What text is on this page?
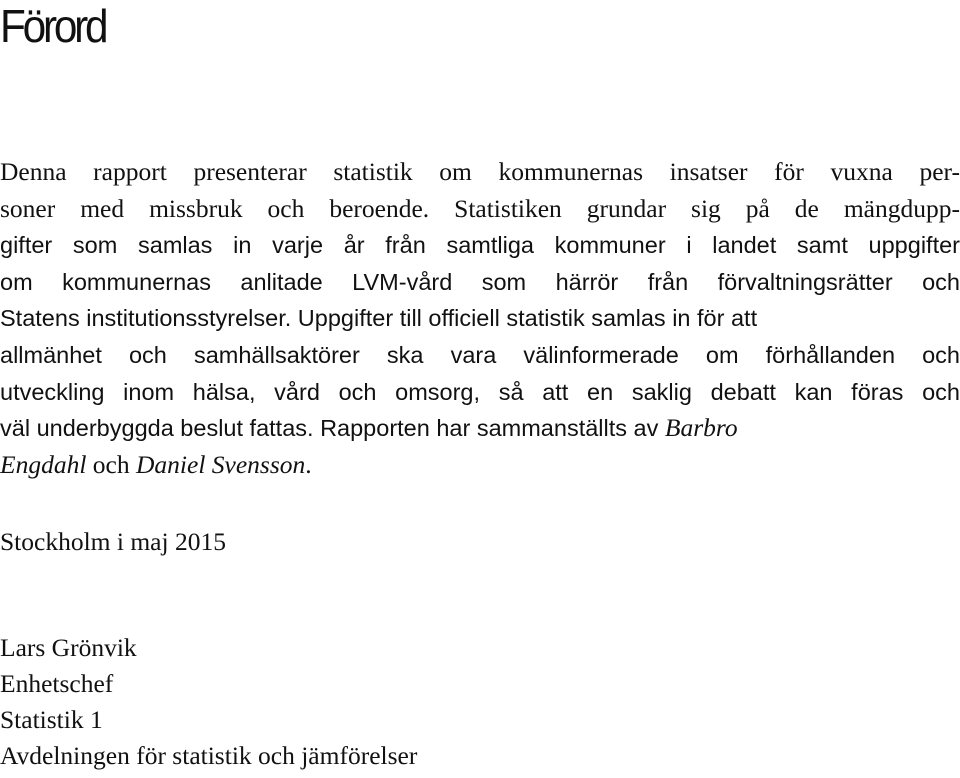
Förord
Denna rapport presenterar statistik om kommunernas insatser för vuxna per-
soner med missbruk och beroende. Statistiken grundar sig på de mängdupp-
gifter som samlas in varje år från samtliga kommuner i landet samt uppgifter
om kommunernas anlitade LVM-vård som härrör från förvaltningsrätter och
Statens institutionsstyrelser. Uppgifter till officiell statistik samlas in för att
allmänhet och samhällsaktörer ska vara välinformerade om förhållanden och
utveckling inom hälsa, vård och omsorg, så att en saklig debatt kan föras och
väl underbyggda beslut fattas. Rapporten har sammanställts av Barbro
Engdahl och Daniel Svensson.
Stockholm i maj 2015
Lars Grönvik
Enhetschef
Statistik 1
Avdelningen för statistik och jämförelser
